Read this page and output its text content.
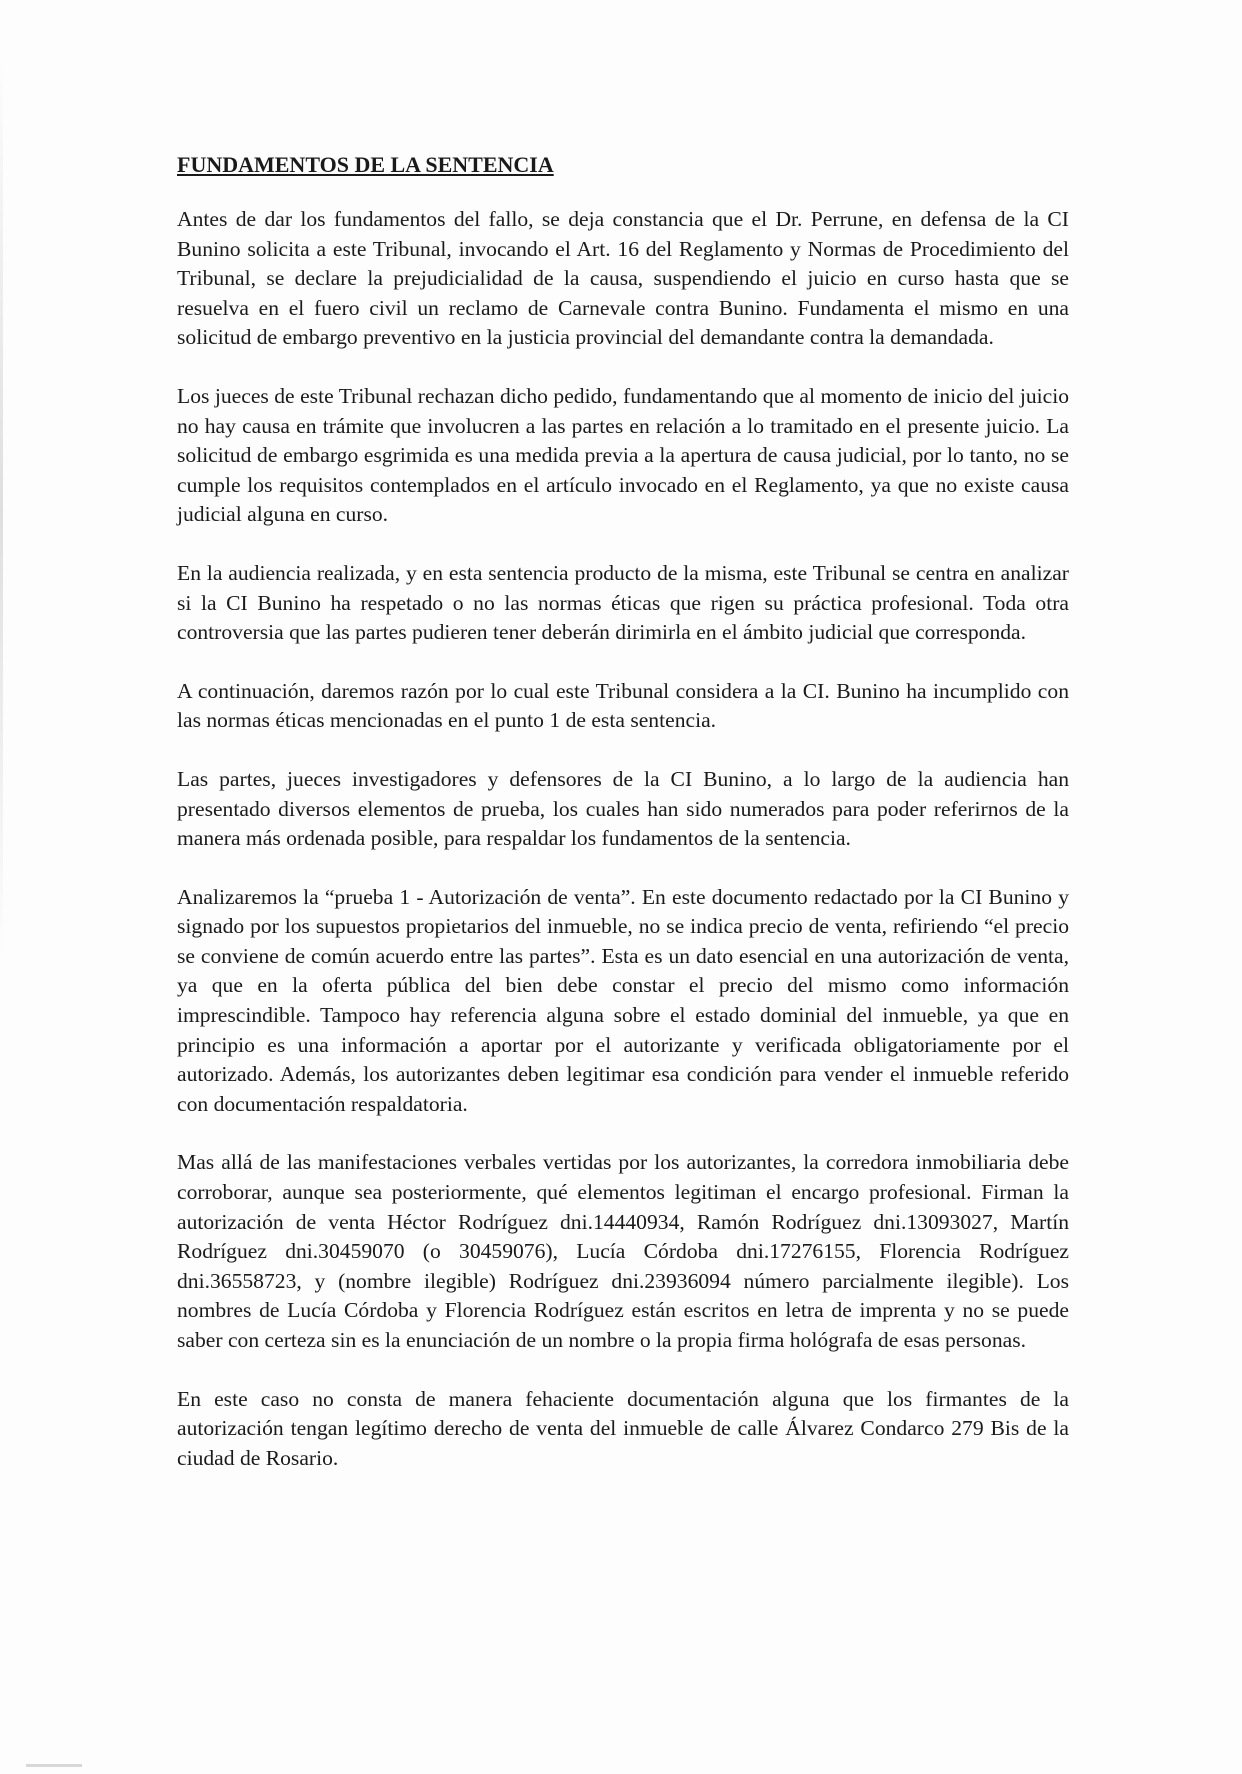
FUNDAMENTOS DE LA SENTENCIA

Antes de dar los fundamentos del fallo, se deja constancia que el Dr. Perrune, en defensa de la CI Bunino solicita a este Tribunal, invocando el Art. 16 del Reglamento y Normas de Procedimiento del Tribunal, se declare la prejudicialidad de la causa, suspendiendo el juicio en curso hasta que se resuelva en el fuero civil un reclamo de Carnevale contra Bunino. Fundamenta el mismo en una solicitud de embargo preventivo en la justicia provincial del demandante contra la demandada.

Los jueces de este Tribunal rechazan dicho pedido, fundamentando que al momento de inicio del juicio no hay causa en trámite que involucren a las partes en relación a lo tramitado en el presente juicio. La solicitud de embargo esgrimida es una medida previa a la apertura de causa judicial, por lo tanto, no se cumple los requisitos contemplados en el artículo invocado en el Reglamento, ya que no existe causa judicial alguna en curso.

En la audiencia realizada, y en esta sentencia producto de la misma, este Tribunal se centra en analizar si la CI Bunino ha respetado o no las normas éticas que rigen su práctica profesional. Toda otra controversia que las partes pudieren tener deberán dirimirla en el ámbito judicial que corresponda.

A continuación, daremos razón por lo cual este Tribunal considera a la CI. Bunino ha incumplido con las normas éticas mencionadas en el punto 1 de esta sentencia.

Las partes, jueces investigadores y defensores de la CI Bunino, a lo largo de la audiencia han presentado diversos elementos de prueba, los cuales han sido numerados para poder referirnos de la manera más ordenada posible, para respaldar los fundamentos de la sentencia.

Analizaremos la “prueba 1 - Autorización de venta”. En este documento redactado por la CI Bunino y signado por los supuestos propietarios del inmueble, no se indica precio de venta, refiriendo “el precio se conviene de común acuerdo entre las partes”. Esta es un dato esencial en una autorización de venta, ya que en la oferta pública del bien debe constar el precio del mismo como información imprescindible. Tampoco hay referencia alguna sobre el estado dominial del inmueble, ya que en principio es una información a aportar por el autorizante y verificada obligatoriamente por el autorizado. Además, los autorizantes deben legitimar esa condición para vender el inmueble referido con documentación respaldatoria.

Mas allá de las manifestaciones verbales vertidas por los autorizantes, la corredora inmobiliaria debe corroborar, aunque sea posteriormente, qué elementos legitiman el encargo profesional. Firman la autorización de venta Héctor Rodríguez dni.14440934, Ramón Rodríguez dni.13093027, Martín Rodríguez dni.30459070 (o 30459076), Lucía Córdoba dni.17276155, Florencia Rodríguez dni.36558723, y (nombre ilegible) Rodríguez dni.23936094 número parcialmente ilegible). Los nombres de Lucía Córdoba y Florencia Rodríguez están escritos en letra de imprenta y no se puede saber con certeza sin es la enunciación de un nombre o la propia firma hológrafa de esas personas.

En este caso no consta de manera fehaciente documentación alguna que los firmantes de la autorización tengan legítimo derecho de venta del inmueble de calle Álvarez Condarco 279 Bis de la ciudad de Rosario.
